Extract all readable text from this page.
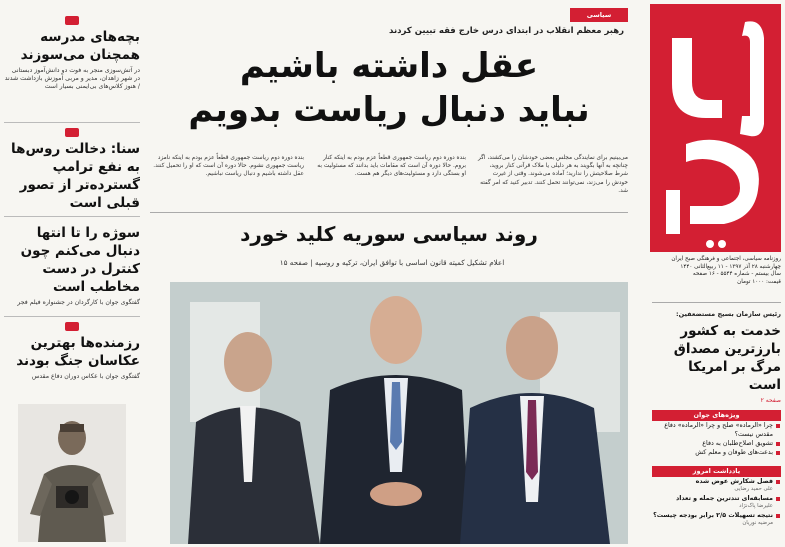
بچه‌های مدرسه همچنان می‌سوزند
در آتش‌سوزی منجر به فوت دو دانش‌آموز دبستانی در شهر زاهدان، مدیر و مربی آموزش بازداشت شدند / هنوز کلاس‌های بی‌ایمنی بسیار است
سنا: دخالت روس‌ها به نفع ترامپ گسترده‌تر از تصور قبلی است
سوژه را تا انتها دنبال می‌کنم چون کنترل در دست مخاطب است
گفتگوی جوان با کارگردان در جشنواره فیلم فجر
رزمنده‌ها بهترین عکاسان جنگ بودند
گفتگوی جوان با عکاس دوران دفاع مقدس
سیاسی
رهبر معظم انقلاب در ابتدای درس خارج فقه تبیین کردند
عقل داشته باشیم
نباید دنبال ریاست بدویم
می‌بینیم برای نمایندگی مجلس بعضی خودشان را می‌کشند، اگر چنانچه به آنها بگویند به هر دلیلی یا ملاک قرآنی کنار بروید، شرط صلاحیتش را ندارید؛ آماده می‌شوند. وقتی از غیرت خودش را می‌زند، نمی‌توانند تحمل کنند. تدبیر کنید که امر گفته شد.
بنده دوره دوم ریاست جمهوری قطعاً عزم بودم به اینکه کنار بروم. حالا دوره آن است که مقامات باید بدانند که مسئولیت به او بستگی دارد و مسئولیت‌های دیگر هم هست.
بنده دوره دوم ریاست جمهوری قطعاً عزم بودم به اینکه نامزد ریاست جمهوری نشوم. حالا دوره آن است که او را تحمیل کنند. عقل داشته باشیم و دنبال ریاست نباشیم.
روند سیاسی سوریه کلید خورد
اعلام تشکیل کمیته قانون اساسی با توافق ایران، ترکیه و روسیه | صفحه ۱۵	روزنامه سیاسی، اجتماعی و فرهنگی صبح ایران
چهارشنبه ۲۸ آذر ۱۳۹۷ - ۱۱ ربیع‌الثانی ۱۴۴۰
سال بیستم - شماره ۵۵۴۴ - ۱۶ صفحه
قیمت: ۱۰۰۰ تومان
رئیس سازمان بسیج مستضعفین:
خدمت به کشور بارزترین مصداق مرگ بر امریکا است
صفحه ۲
ویژه‌های جوان
چرا «الرماده» صلح و چرا «الرماده» دفاع مقدس نیست؟
تشویق اصلاح‌طلبان به دفاع
بدعت‌های طوفان و معلم کش
یادداشت امروز
فصل شکارش عوض شده
علی حمید رضایی
مسابقه‌ای تندترین جمله و تعداد
علیرضا پاک‌نژاد
نتیجه تسهیلات ۲/۵ برابر بودجه چیست؟
مرضیه نوریان
